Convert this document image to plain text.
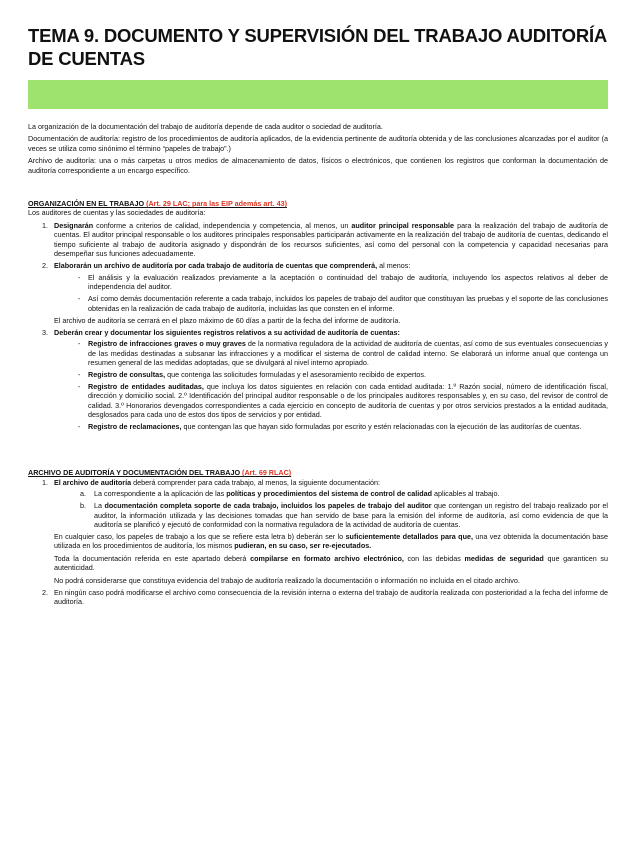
TEMA 9. DOCUMENTO Y SUPERVISIÓN DEL TRABAJO AUDITORÍA DE CUENTAS

La organización de la documentación del trabajo de auditoría depende de cada auditor o sociedad de auditoría.

Documentación de auditoría: registro de los procedimientos de auditoría aplicados, de la evidencia pertinente de auditoría obtenida y de las conclusiones alcanzadas por el auditor (a veces se utiliza como sinónimo el término “papeles de trabajo”.)

Archivo de auditoría: una o más carpetas u otros medios de almacenamiento de datos, físicos o electrónicos, que contienen los registros que conforman la documentación de auditoría correspondiente a un encargo específico.

ORGANIZACIÓN EN EL TRABAJO (Art. 29 LAC; para las EIP además art. 43)

Los auditores de cuentas y las sociedades de auditoría:

1. Designarán conforme a criterios de calidad, independencia y competencia, al menos, un auditor principal responsable para la realización del trabajo de auditoría de cuentas. El auditor principal responsable o los auditores principales responsables participarán activamente en la realización del trabajo de auditoría de cuentas, dedicando el tiempo suficiente al trabajo de auditoría asignado y dispondrán de los recursos suficientes, así como del personal con la competencia y capacidad necesarias para desempeñar sus funciones adecuadamente.

2. Elaborarán un archivo de auditoría por cada trabajo de auditoría de cuentas que comprenderá, al menos:

- El análisis y la evaluación realizados previamente a la aceptación o continuidad del trabajo de auditoría, incluyendo los aspectos relativos al deber de independencia del auditor.
- Así como demás documentación referente a cada trabajo, incluidos los papeles de trabajo del auditor que constituyan las pruebas y el soporte de las conclusiones obtenidas en la realización de cada trabajo de auditoría, incluidas las que consten en el informe.

El archivo de auditoría se cerrará en el plazo máximo de 60 días a partir de la fecha del informe de auditoría.

3. Deberán crear y documentar los siguientes registros relativos a su actividad de auditoría de cuentas:

- Registro de infracciones graves o muy graves de la normativa reguladora de la actividad de auditoría de cuentas, así como de sus eventuales consecuencias y de las medidas destinadas a subsanar las infracciones y a modificar el sistema de control de calidad interno. Se elaborará un informe anual que contenga un resumen general de las medidas adoptadas, que se divulgará al nivel interno apropiado.
- Registro de consultas, que contenga las solicitudes formuladas y el asesoramiento recibido de expertos.
- Registro de entidades auditadas, que incluya los datos siguientes en relación con cada entidad auditada: 1.º Razón social, número de identificación fiscal, dirección y domicilio social. 2.º Identificación del principal auditor responsable o de los principales auditores responsables y, en su caso, del revisor de control de calidad. 3.º Honorarios devengados correspondientes a cada ejercicio en concepto de auditoría de cuentas y por otros servicios prestados a la entidad auditada, desglosados para cada uno de estos dos tipos de servicios y por entidad.
- Registro de reclamaciones, que contengan las que hayan sido formuladas por escrito y estén relacionadas con la ejecución de las auditorías de cuentas.

ARCHIVO DE AUDITORÍA Y DOCUMENTACIÓN DEL TRABAJO (Art. 69 RLAC)

1. El archivo de auditoría deberá comprender para cada trabajo, al menos, la siguiente documentación:

a. La correspondiente a la aplicación de las políticas y procedimientos del sistema de control de calidad aplicables al trabajo.
b. La documentación completa soporte de cada trabajo, incluidos los papeles de trabajo del auditor que contengan un registro del trabajo realizado por el auditor, la información utilizada y las decisiones tomadas que han servido de base para la emisión del informe de auditoría, así como evidencia de que la auditoría se planificó y ejecutó de conformidad con la normativa reguladora de la actividad de auditoría de cuentas.

En cualquier caso, los papeles de trabajo a los que se refiere esta letra b) deberán ser lo suficientemente detallados para que, una vez obtenida la documentación base utilizada en los procedimientos de auditoría, los mismos pudieran, en su caso, ser re-ejecutados.

Toda la documentación referida en este apartado deberá compilarse en formato archivo electrónico, con las debidas medidas de seguridad que garanticen su autenticidad.

No podrá considerarse que constituya evidencia del trabajo de auditoría realizado la documentación o información no incluida en el citado archivo.

2. En ningún caso podrá modificarse el archivo como consecuencia de la revisión interna o externa del trabajo de auditoría realizada con posterioridad a la fecha del informe de auditoría.
